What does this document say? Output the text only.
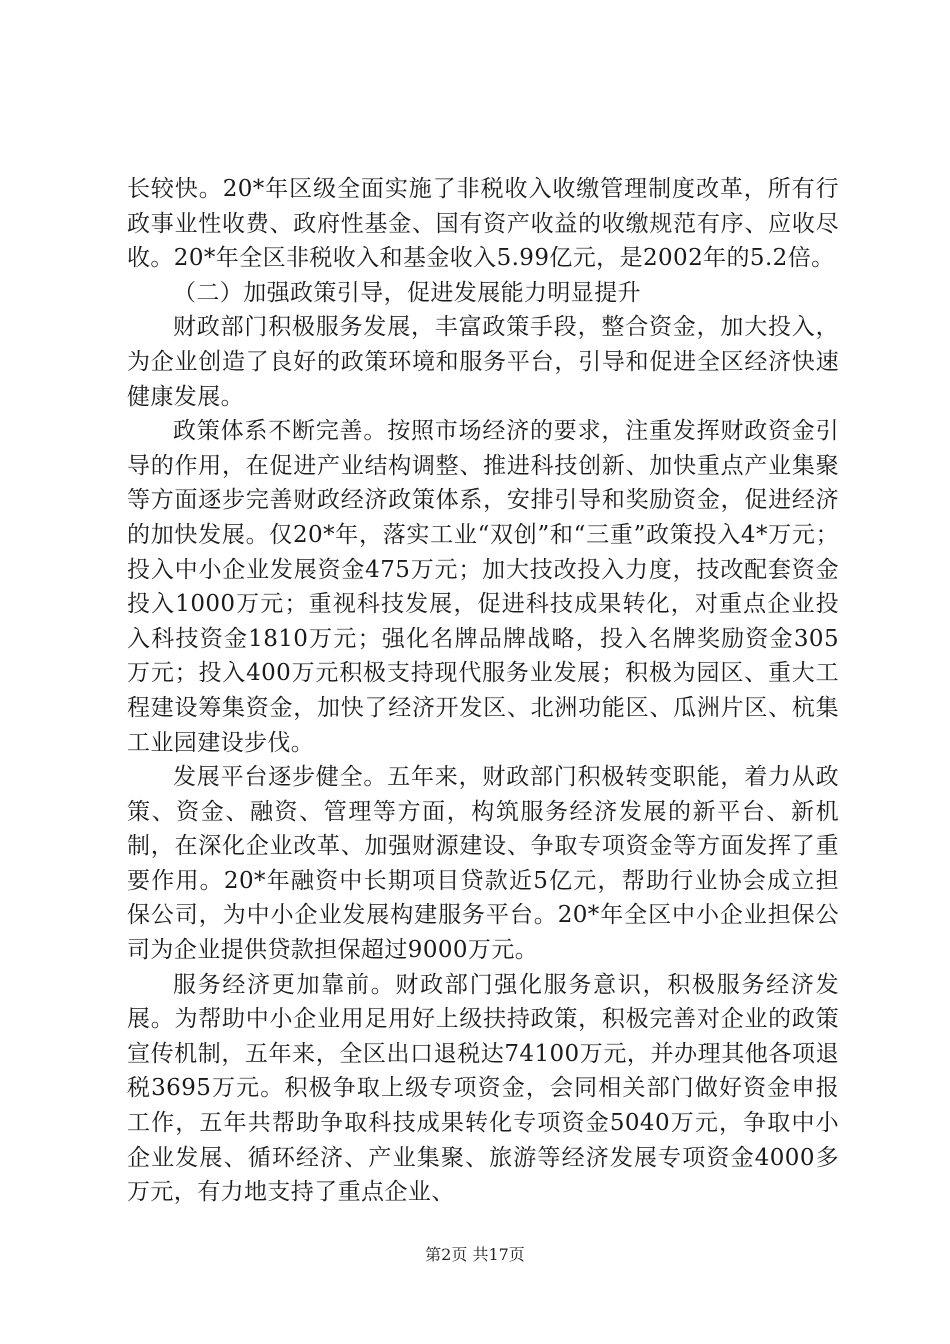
长较快。20*年区级全面实施了非税收入收缴管理制度改革，所有行政事业性收费、政府性基金、国有资产收益的收缴规范有序、应收尽收。20*年全区非税收入和基金收入5.99亿元，是2002年的5.2倍。

（二）加强政策引导，促进发展能力明显提升

财政部门积极服务发展，丰富政策手段，整合资金，加大投入，为企业创造了良好的政策环境和服务平台，引导和促进全区经济快速健康发展。

政策体系不断完善。按照市场经济的要求，注重发挥财政资金引导的作用，在促进产业结构调整、推进科技创新、加快重点产业集聚等方面逐步完善财政经济政策体系，安排引导和奖励资金，促进经济的加快发展。仅20*年，落实工业“双创”和“三重”政策投入4*万元；投入中小企业发展资金475万元；加大技改投入力度，技改配套资金投入1000万元；重视科技发展，促进科技成果转化，对重点企业投入科技资金1810万元；强化名牌品牌战略，投入名牌奖励资金305万元；投入400万元积极支持现代服务业发展；积极为园区、重大工程建设筹集资金，加快了经济开发区、北洲功能区、瓜洲片区、杭集工业园建设步伐。

发展平台逐步健全。五年来，财政部门积极转变职能，着力从政策、资金、融资、管理等方面，构筑服务经济发展的新平台、新机制，在深化企业改革、加强财源建设、争取专项资金等方面发挥了重要作用。20*年融资中长期项目贷款近5亿元，帮助行业协会成立担保公司，为中小企业发展构建服务平台。20*年全区中小企业担保公司为企业提供贷款担保超过9000万元。

服务经济更加靠前。财政部门强化服务意识，积极服务经济发展。为帮助中小企业用足用好上级扶持政策，积极完善对企业的政策宣传机制，五年来，全区出口退税达74100万元，并办理其他各项退税3695万元。积极争取上级专项资金，会同相关部门做好资金申报工作，五年共帮助争取科技成果转化专项资金5040万元，争取中小企业发展、循环经济、产业集聚、旅游等经济发展专项资金4000多万元，有力地支持了重点企业、

第2页 共17页
